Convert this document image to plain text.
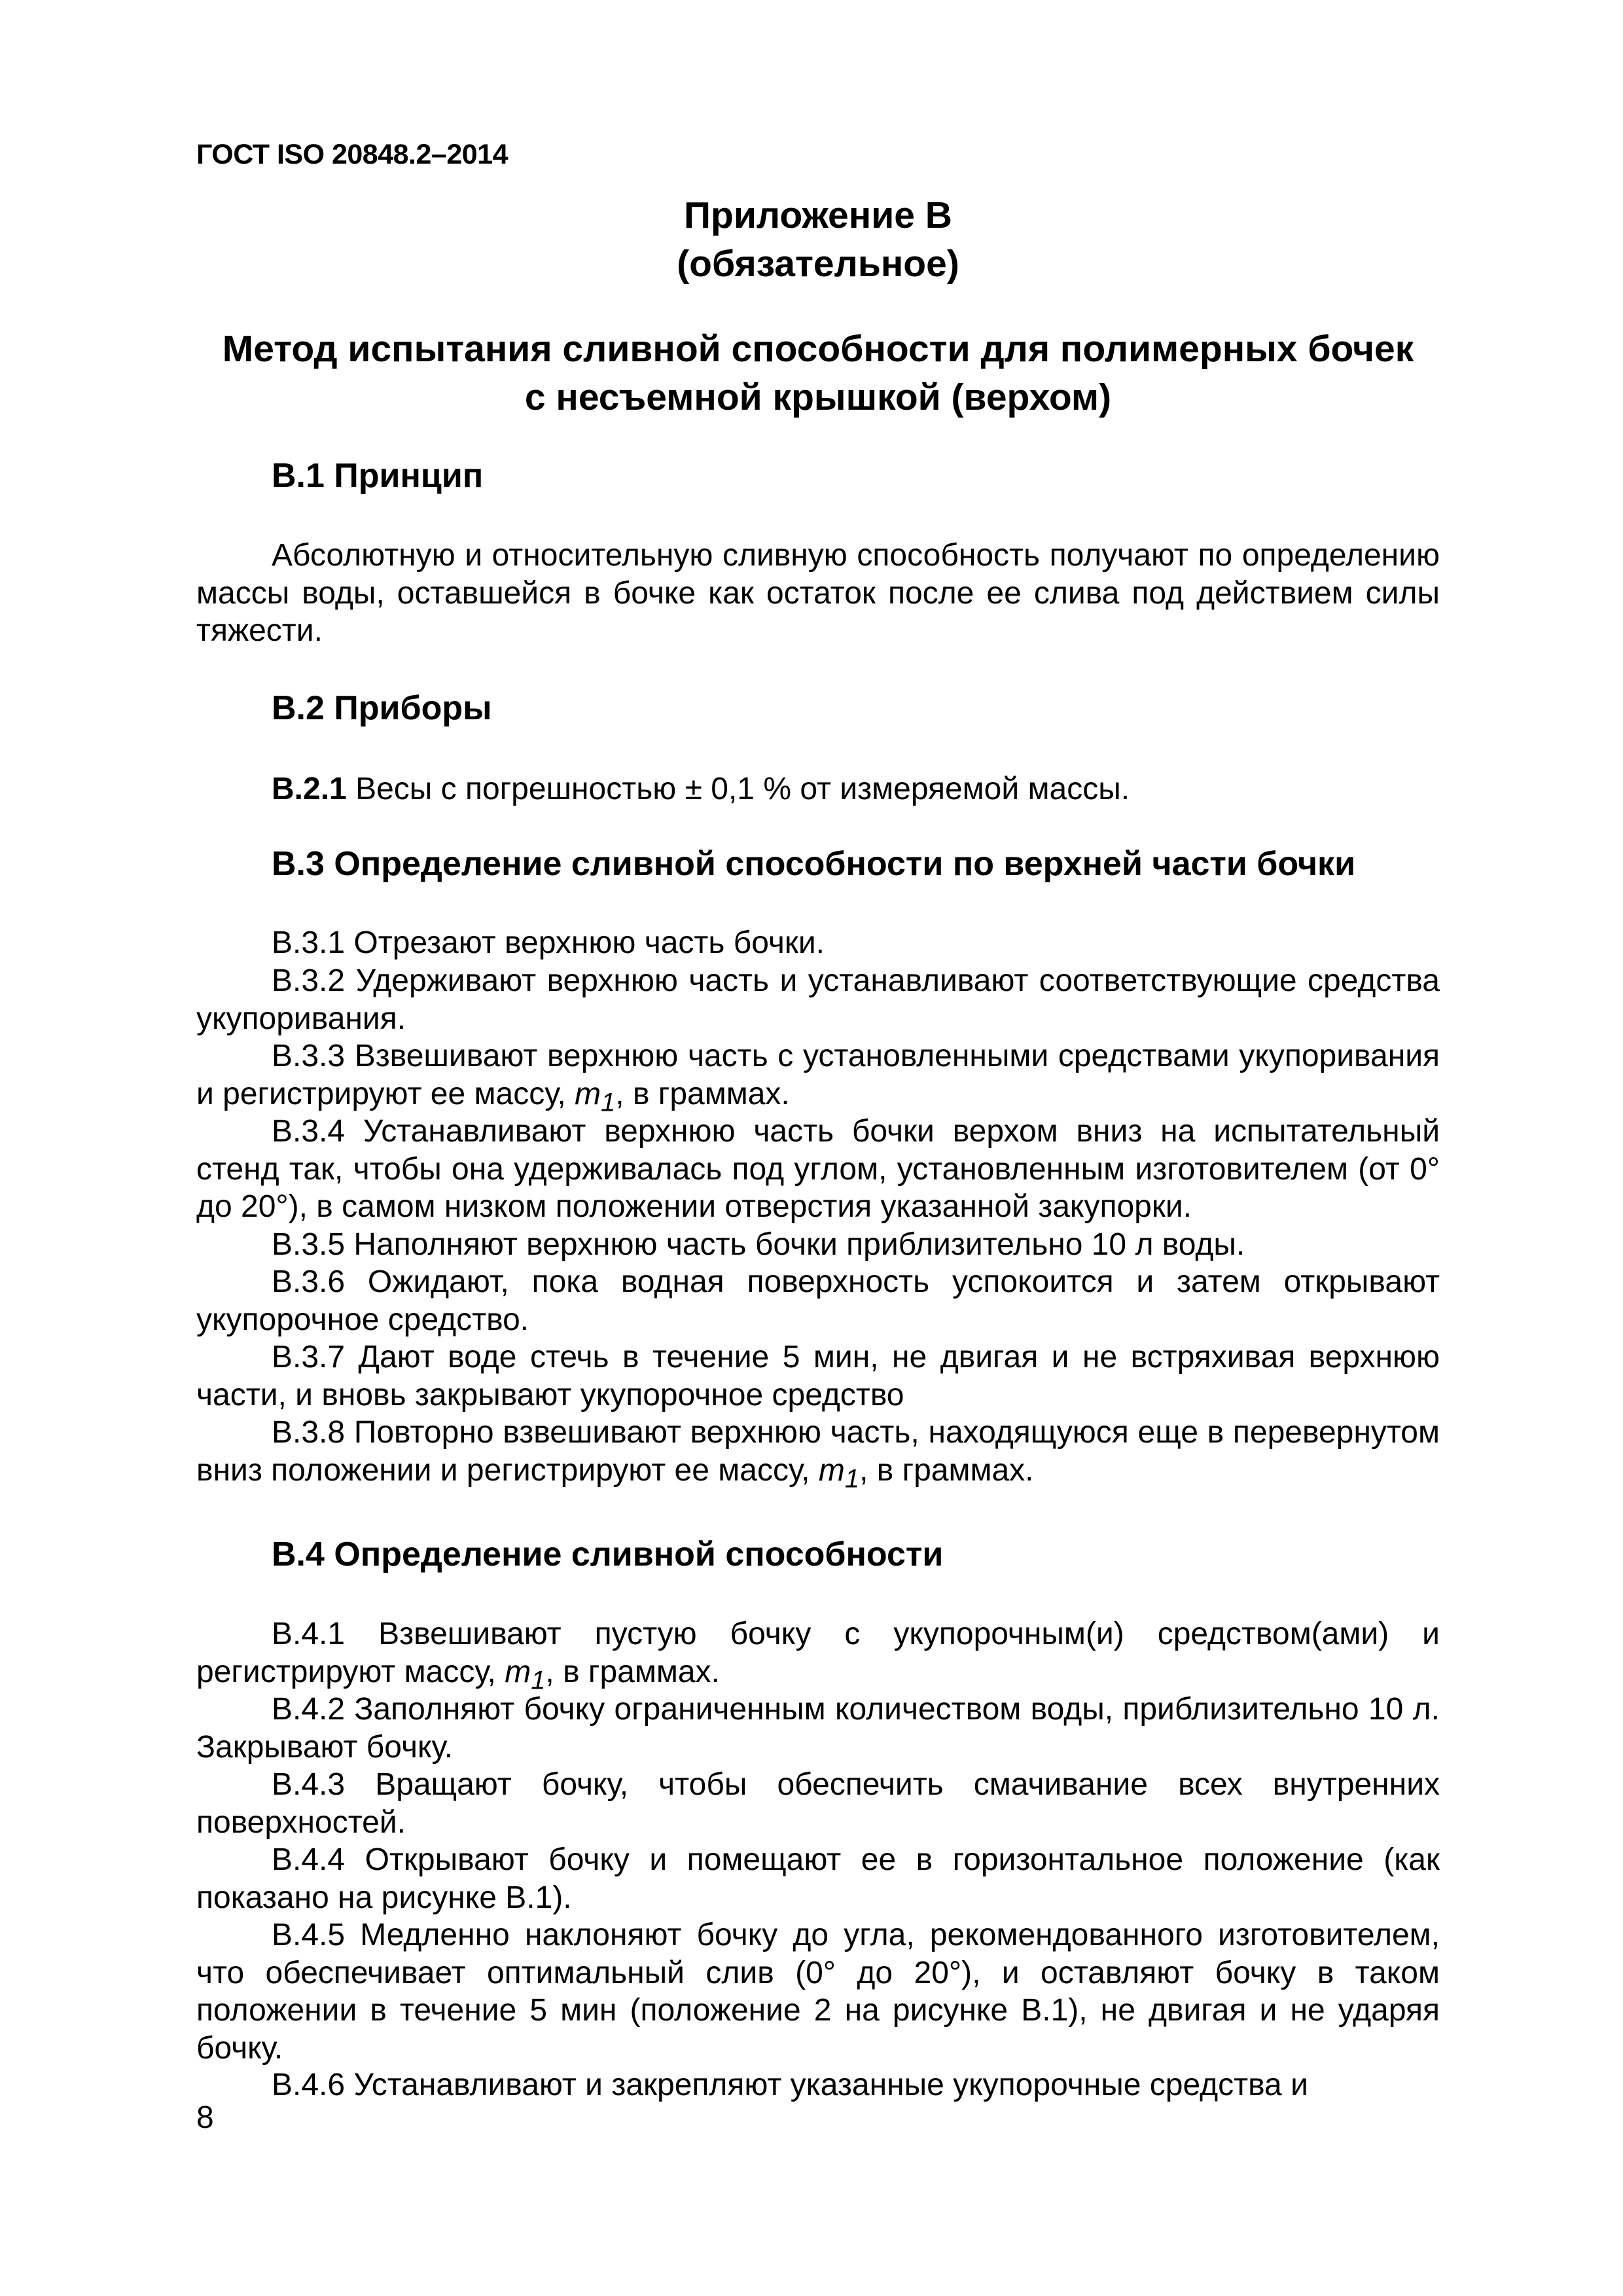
ГОСТ ISO 20848.2–2014
Приложение В
(обязательное)
Метод испытания сливной способности для полимерных бочек
с несъемной крышкой (верхом)
В.1 Принцип
Абсолютную и относительную сливную способность получают по определению массы воды, оставшейся в бочке как остаток после ее слива под действием силы тяжести.
В.2 Приборы
В.2.1 Весы с погрешностью ± 0,1 % от измеряемой массы.
В.3 Определение сливной способности по верхней части бочки
В.3.1 Отрезают верхнюю часть бочки.
В.3.2 Удерживают верхнюю часть и устанавливают соответствующие средства укупоривания.
В.3.3 Взвешивают верхнюю часть с установленными средствами укупоривания и регистрируют ее массу, $m_1$, в граммах.
В.3.4 Устанавливают верхнюю часть бочки верхом вниз на испытательный стенд так, чтобы она удерживалась под углом, установленным изготовителем (от 0° до 20°), в самом низком положении отверстия указанной закупорки.
В.3.5 Наполняют верхнюю часть бочки приблизительно 10 л воды.
В.3.6 Ожидают, пока водная поверхность успокоится и затем открывают укупорочное средство.
В.3.7 Дают воде стечь в течение 5 мин, не двигая и не встряхивая верхнюю части, и вновь закрывают укупорочное средство
В.3.8 Повторно взвешивают верхнюю часть, находящуюся еще в перевернутом вниз положении и регистрируют ее массу, $m_1$, в граммах.
В.4 Определение сливной способности
В.4.1 Взвешивают пустую бочку с укупорочным(и) средством(ами) и регистрируют массу, $m_1$, в граммах.
В.4.2 Заполняют бочку ограниченным количеством воды, приблизительно 10 л. Закрывают бочку.
В.4.3 Вращают бочку, чтобы обеспечить смачивание всех внутренних поверхностей.
В.4.4 Открывают бочку и помещают ее в горизонтальное положение (как показано на рисунке В.1).
В.4.5 Медленно наклоняют бочку до угла, рекомендованного изготовителем, что обеспечивает оптимальный слив (0° до 20°), и оставляют бочку в таком положении в течение 5 мин (положение 2 на рисунке В.1), не двигая и не ударяя бочку.
В.4.6 Устанавливают и закрепляют указанные укупорочные средства и
8
